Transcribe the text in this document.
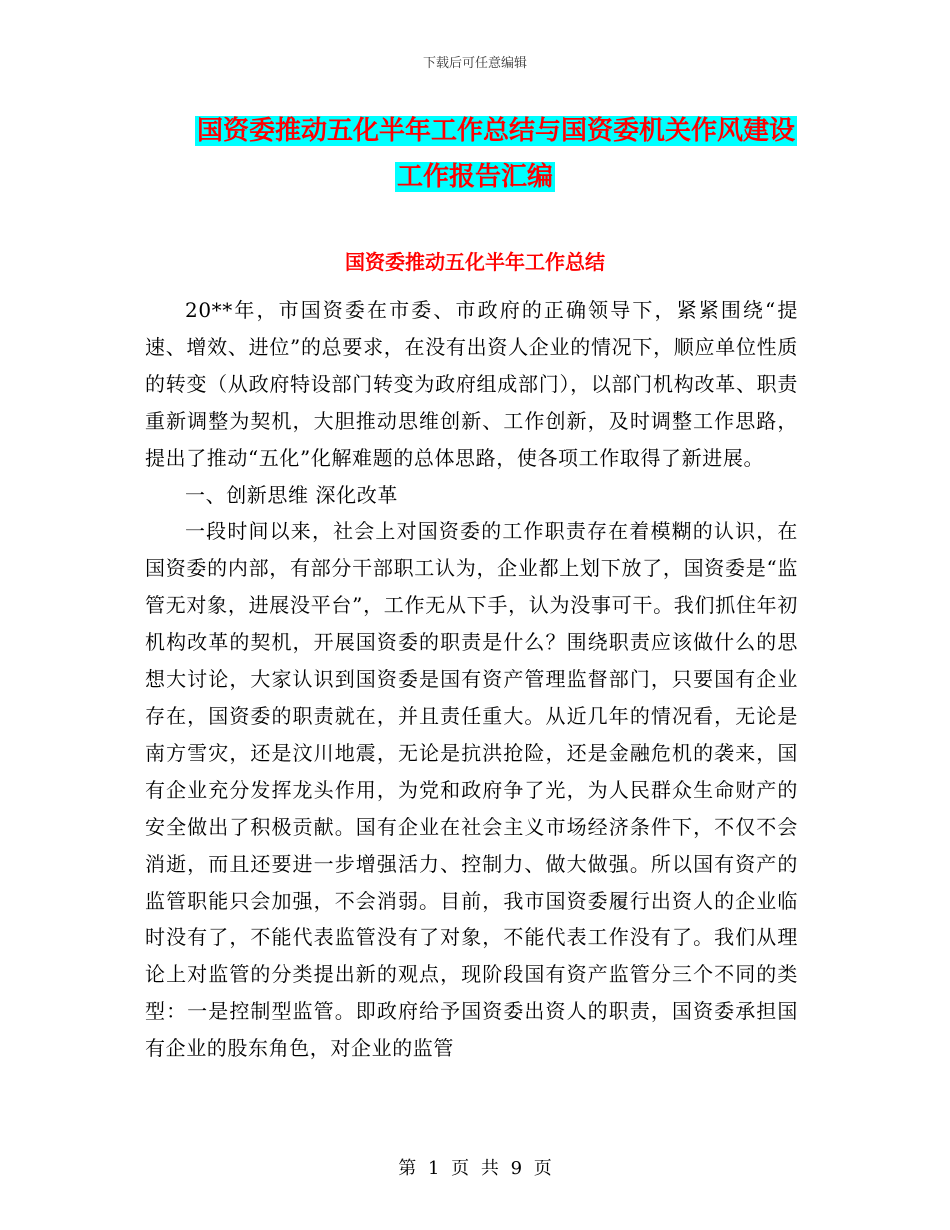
下载后可任意编辑
国资委推动五化半年工作总结与国资委机关作风建设
工作报告汇编
国资委推动五化半年工作总结

20**年，市国资委在市委、市政府的正确领导下，紧紧围绕“提速、增效、进位”的总要求，在没有出资人企业的情况下，顺应单位性质的转变（从政府特设部门转变为政府组成部门），以部门机构改革、职责重新调整为契机，大胆推动思维创新、工作创新，及时调整工作思路，提出了推动“五化”化解难题的总体思路，使各项工作取得了新进展。

一、创新思维 深化改革

一段时间以来，社会上对国资委的工作职责存在着模糊的认识，在国资委的内部，有部分干部职工认为，企业都上划下放了，国资委是“监管无对象，进展没平台”，工作无从下手，认为没事可干。我们抓住年初机构改革的契机，开展国资委的职责是什么？围绕职责应该做什么的思想大讨论，大家认识到国资委是国有资产管理监督部门，只要国有企业存在，国资委的职责就在，并且责任重大。从近几年的情况看，无论是南方雪灾，还是汶川地震，无论是抗洪抢险，还是金融危机的袭来，国有企业充分发挥龙头作用，为党和政府争了光，为人民群众生命财产的安全做出了积极贡献。国有企业在社会主义市场经济条件下，不仅不会消逝，而且还要进一步增强活力、控制力、做大做强。所以国有资产的监管职能只会加强，不会消弱。目前，我市国资委履行出资人的企业临时没有了，不能代表监管没有了对象，不能代表工作没有了。我们从理论上对监管的分类提出新的观点，现阶段国有资产监管分三个不同的类型：一是控制型监管。即政府给予国资委出资人的职责，国资委承担国有企业的股东角色，对企业的监管

第 1 页 共 9 页
